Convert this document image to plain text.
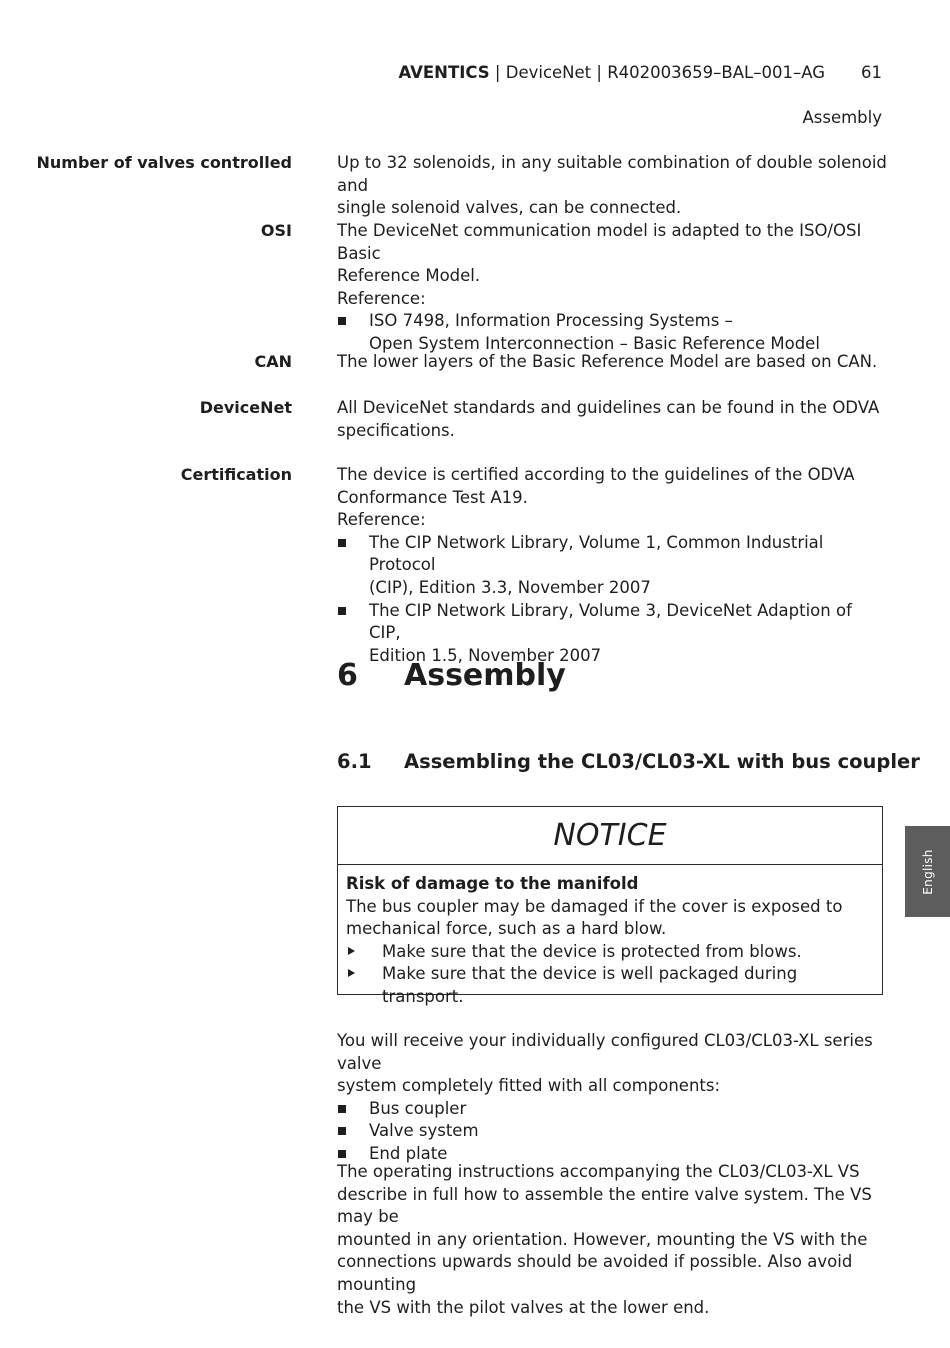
AVENTICS | DeviceNet | R402003659–BAL–001–AG 61
Assembly
Number of valves controlled	Up to 32 solenoids, in any suitable combination of double solenoid and

single solenoid valves, can be connected.

OSI	The DeviceNet communication model is adapted to the ISO/OSI Basic

Reference Model.

Reference:

ISO 7498, Information Processing Systems –
Open System Interconnection – Basic Reference Model
CAN	The lower layers of the Basic Reference Model are based on CAN.

DeviceNet	All DeviceNet standards and guidelines can be found in the ODVA

specifications.

Certification	The device is certified according to the guidelines of the ODVA

Conformance Test A19.

Reference:

The CIP Network Library, Volume 1, Common Industrial Protocol
(CIP), Edition 3.3, November 2007
The CIP Network Library, Volume 3, DeviceNet Adaption of CIP,
Edition 1.5, November 2007
6 Assembly
6.1 Assembling the CL03/CL03-XL with bus coupler
NOTICE
Risk of damage to the manifold
The bus coupler may be damaged if the cover is exposed to
mechanical force, such as a hard blow.
Make sure that the device is protected from blows.
Make sure that the device is well packaged during transport.

You will receive your individually configured CL03/CL03-XL series valve

system completely fitted with all components:

Bus coupler
Valve system
End plate

The operating instructions accompanying the CL03/CL03-XL VS

describe in full how to assemble the entire valve system. The VS may be

mounted in any orientation. However, mounting the VS with the

connections upwards should be avoided if possible. Also avoid mounting

the VS with the pilot valves at the lower end.

English
